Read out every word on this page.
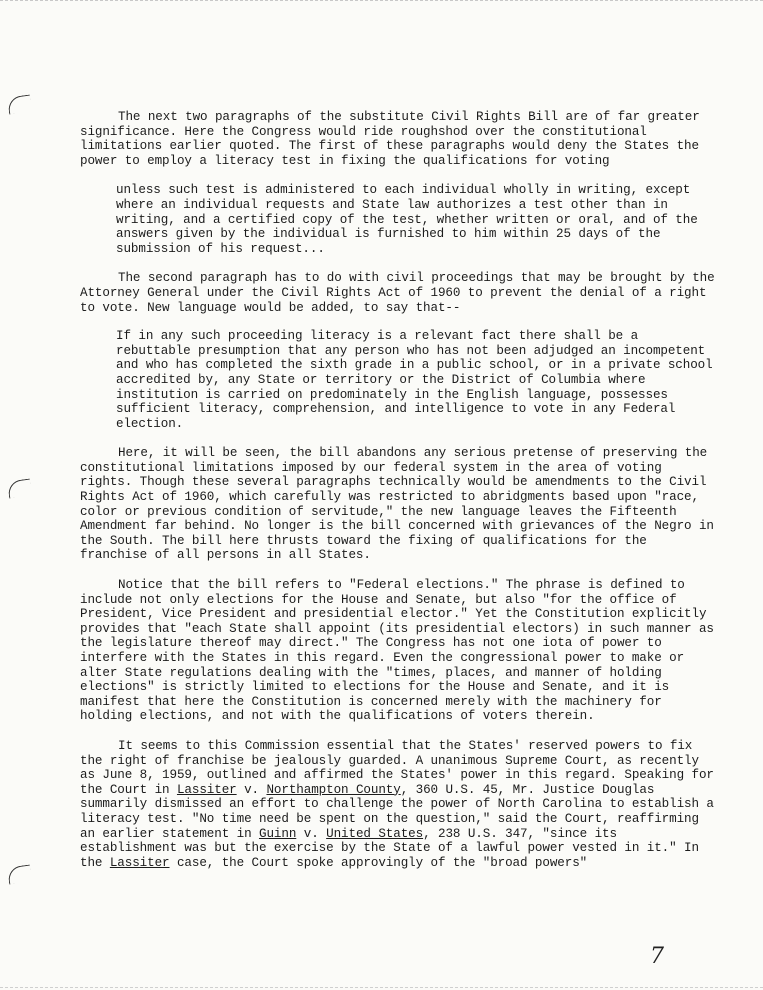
The next two paragraphs of the substitute Civil Rights Bill are of far greater significance. Here the Congress would ride roughshod over the constitutional limitations earlier quoted. The first of these paragraphs would deny the States the power to employ a literacy test in fixing the qualifications for voting

unless such test is administered to each individual wholly in writing, except where an individual requests and State law authorizes a test other than in writing, and a certified copy of the test, whether written or oral, and of the answers given by the individual is furnished to him within 25 days of the submission of his request...

The second paragraph has to do with civil proceedings that may be brought by the Attorney General under the Civil Rights Act of 1960 to prevent the denial of a right to vote. New language would be added, to say that--

If in any such proceeding literacy is a relevant fact there shall be a rebuttable presumption that any person who has not been adjudged an incompetent and who has completed the sixth grade in a public school, or in a private school accredited by, any State or territory or the District of Columbia where institution is carried on predominately in the English language, possesses sufficient literacy, comprehension, and intelligence to vote in any Federal election.

Here, it will be seen, the bill abandons any serious pretense of preserving the constitutional limitations imposed by our federal system in the area of voting rights. Though these several paragraphs technically would be amendments to the Civil Rights Act of 1960, which carefully was restricted to abridgments based upon "race, color or previous condition of servitude," the new language leaves the Fifteenth Amendment far behind. No longer is the bill concerned with grievances of the Negro in the South. The bill here thrusts toward the fixing of qualifications for the franchise of all persons in all States.

Notice that the bill refers to "Federal elections." The phrase is defined to include not only elections for the House and Senate, but also "for the office of President, Vice President and presidential elector." Yet the Constitution explicitly provides that "each State shall appoint (its presidential electors) in such manner as the legislature thereof may direct." The Congress has not one iota of power to interfere with the States in this regard. Even the congressional power to make or alter State regulations dealing with the "times, places, and manner of holding elections" is strictly limited to elections for the House and Senate, and it is manifest that here the Constitution is concerned merely with the machinery for holding elections, and not with the qualifications of voters therein.

It seems to this Commission essential that the States' reserved powers to fix the right of franchise be jealously guarded. A unanimous Supreme Court, as recently as June 8, 1959, outlined and affirmed the States' power in this regard. Speaking for the Court in Lassiter v. Northampton County, 360 U.S. 45, Mr. Justice Douglas summarily dismissed an effort to challenge the power of North Carolina to establish a literacy test. "No time need be spent on the question," said the Court, reaffirming an earlier statement in Guinn v. United States, 238 U.S. 347, "since its establishment was but the exercise by the State of a lawful power vested in it." In the Lassiter case, the Court spoke approvingly of the "broad powers"

7
